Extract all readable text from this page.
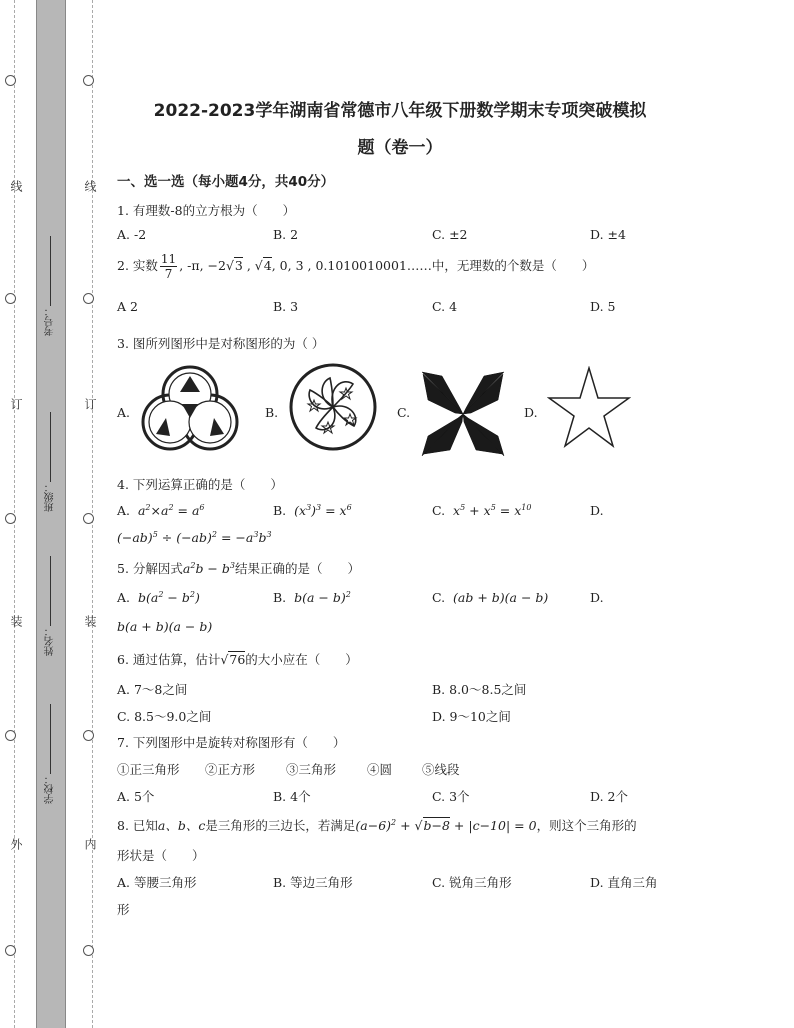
线
订
装
外
线
订
装
内
考号：
班级：
姓名：
学校：
2022-2023学年湖南省常德市八年级下册数学期末专项突破模拟
题（卷一）
一、选一选（每小题4分，共40分）
1. 有理数-8的立方根为（　　）
A. -2	B. 2	C. ±2	D. ±4
2. 实数 $\frac{11}{7}$ , -π, −2√3 , √4, 0, 3 , 0.1010010001……中，无理数的个数是（　　）
A 2	B. 3	C. 4	D. 5
3. 图所列图形中是对称图形的为（ ）
A.	B.	C.	D.
4. 下列运算正确的是（　　）
A. $a^2\times a^2 = a^6$	B. $(x^3)^3 = x^6$	C. $x^5 + x^5 = x^{10}$	D.
$(-ab)^5 \div (-ab)^2 = -a^3b^3$
5. 分解因式$a^2b - b^3$结果正确的是（　　）
A. $b(a^2 - b^2)$	B. $b(a - b)^2$	C. (ab + b)(a − b)	D.
b(a + b)(a − b)
6. 通过估算，估计√76的大小应在（　　）
A. 7～8之间	B. 8.0～8.5之间
C. 8.5～9.0之间	D. 9～10之间
7. 下列图形中是旋转对称图形有（　　）
①正三角形 ②正方形 ③三角形 ④圆 ⑤线段
A. 5个	B. 4个	C. 3个	D. 2个
8. 已知a、b、c是三角形的三边长，若满足$(a-6)^2 + √b-8 + |c-10| = 0$，则这个三角形的
形状是（　　）
A. 等腰三角形	B. 等边三角形	C. 锐角三角形	D. 直角三角
形
